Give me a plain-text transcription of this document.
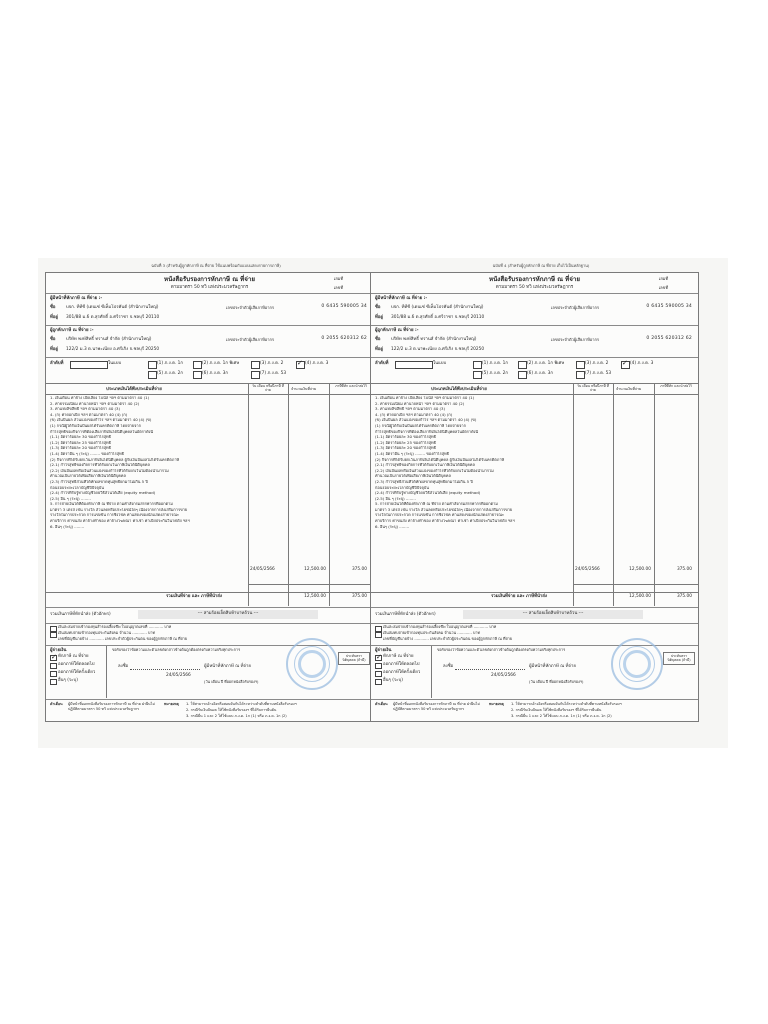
ฉบับที่ 3 (สำหรับผู้ถูกหักภาษี ณ ที่จ่าย ใช้แนบพร้อมกับแบบแสดงรายการภาษี)
หนังสือรับรองการหักภาษี ณ ที่จ่าย
ตามมาตรา 50 ทวิ แห่งประมวลรัษฎากร
เล่มที่
เลขที่
ผู้มีหน้าที่หักภาษี ณ ที่จ่าย :-
ชื่อ บจก. ทีทีซี (เดนเซ่ ซีเท็มโปรคันต์ (สำนักงานใหญ่)
ที่อยู่ 301/88 ม.6 ต.สุรศักดิ์ อ.ศรีราชา จ.ชลบุรี 20110
เลขประจำตัวผู้เสียภาษีอากร	0 6435 590005 34
ผู้ถูกหักภาษี ณ ที่จ่าย :-
ชื่อ บริษัท พงษ์สิทธิ์ ทรานส์ จำกัด (สำนักงานใหญ่)
ที่อยู่ 122/2 ม.3 ต.นาพะเนียง อ.ศรีเกิง จ.ชลบุรี 20250
เลขประจำตัวผู้เสียภาษีอากร	0 2055 620312 62
ลำดับที่	ในแบบ	(1) ภ.ง.ด. 1ก	(2) ภ.ง.ด. 1ก พิเศษ	(3) ภ.ง.ด. 2 ✓	(4) ภ.ง.ด. 3
(5) ภ.ง.ด. 2ก	(6) ภ.ง.ด. 3ก	(7) ภ.ง.ด. 53
ประเภทเงินได้พึงประเมินที่จ่าย
วัน เดือน หรือปีภาษี ที่จ่าย	จำนวนเงินที่จ่าย
ภาษีที่หัก และนำส่งไว้
1. เงินเดือน ค่าจ้าง เบี้ยเลี้ยง โบนัส ฯลฯ ตามมาตรา 40 (1)
2. ค่าธรรมเนียม ค่านายหน้า ฯลฯ ตามมาตรา 40 (2)
3. ค่าแห่งลิขสิทธิ์ ฯลฯ ตามมาตรา 40 (3)
4. (ก) ค่าดอกเบี้ย ฯลฯ ตามมาตรา 40 (4) (ก)
(ข) เงินปันผล ส่วนแบ่งของกำไร ฯลฯ ตามมาตรา 40 (4) (ข)
(1) กรณีผู้ได้รับเงินปันผลได้รับเครดิตภาษี โดยจ่ายจาก
กำไรสุทธิของกิจการที่ต้องเสียภาษีเงินได้นิติบุคคลในอัตราดังนี้
(1.1) อัตราร้อยละ 30 ของกำไรสุทธิ
(1.2) อัตราร้อยละ 25 ของกำไรสุทธิ
(1.3) อัตราร้อยละ 20 ของกำไรสุทธิ
(1.4) อัตราอื่น ๆ (ระบุ) ........ ของกำไรสุทธิ
(2) กิจการที่ได้รับยกเว้นภาษีเงินได้นิติบุคคล ผู้รับเงินปันผลไม่ได้รับเครดิตภาษี
(2.1) กำไรสุทธิของกิจการที่ได้รับยกเว้นภาษีเงินได้นิติบุคคล
(2.2) เงินปันผลหรือเงินส่วนแบ่งของกำไรที่ได้รับยกเว้นไม่ต้องนำมารวม
คำนวณเป็นรายได้เพื่อเสียภาษีเงินได้นิติบุคคล
(2.3) กำไรสุทธิส่วนที่ได้หักผลขาดทุนสุทธิยกมาไม่เกิน 5 ปี
ก่อนรอบระยะเวลาบัญชีปีปัจจุบัน
(2.4) กำไรที่รับรู้ทางบัญชีโดยวิธีส่วนได้เสีย (equity method)
(2.5) อื่น ๆ (ระบุ) ........
5. การจ่ายเงินได้ที่ต้องหักภาษี ณ ที่จ่าย ตามคำสั่งกรมสรรพากรที่ออกตาม
มาตรา 3 เตรส เช่น รางวัล ส่วนลดหรือประโยชน์ใดๆ เนื่องจากการส่งเสริมการขาย
รางวัลในการประกวด การแข่งขัน การชิงโชค ค่าแสดงของนักแสดงสาธารณะ
ค่าบริการ ค่าขนส่ง ค่าจ้างทำของ ค่าจ้างโฆษณา ค่าเช่า ค่าเบี้ยประกันวินาศภัย ฯลฯ
6. อื่นๆ (ระบุ) ........
24/05/2566	12,500.00	375.00
รวมเงินที่จ่าย และ ภาษีที่นำส่ง	12,500.00	375.00
รวมเงินภาษีที่หักนำส่ง (ตัวอักษร)	--- สามร้อยเจ็ดสิบห้าบาทถ้วน ---
เงินสะสมจ่ายเข้ากองทุนสำรองเลี้ยงชีพ ใบอนุญาตเลขที่ ............ บาท
เงินสมทบจ่ายเข้ากองทุนประกันสังคม จำนวน ............ บาท
เลขที่บัญชีนายจ้าง ............ เลขประจำตัวผู้ประกันตน ของผู้ถูกหักภาษี ณ ที่จ่าย
ผู้จ่ายเงิน
✓
หักภาษี ณ ที่จ่าย
ออกภาษีให้ตลอดไป
ออกภาษีให้ครั้งเดียว
อื่นๆ (ระบุ)
ขอรับรองว่าข้อความและตัวเลขดังกล่าวข้างต้นถูกต้องตรงกับความจริงทุกประการ
ลงชื่อ	ผู้มีหน้าที่หักภาษี ณ ที่จ่าย
24/05/2566
(วัน เดือน ปี ที่ออกหนังสือรับรองฯ)
ประทับตรา นิติบุคคล (ถ้ามี)
คำเตือน ผู้มีหน้าที่ออกหนังสือรับรองการหักภาษี ณ ที่จ่าย ฝ่าฝืนไม่ปฏิบัติตามมาตรา 50 ทวิ แห่งประมวลรัษฎากร
หมายเหตุ 1. ให้สามารถอ้างอิงหรือสอบยันกันได้ระหว่างลำดับที่ตามหนังสือรับรองฯ
2. กรณีรับเงินปันผล ให้ใช้หนังสือรับรองฯ ที่ได้รับการยืนยัน
3. กรณียื่น 1 และ 2 ให้ใช้แบบ ภ.ง.ด. 1ก (1) หรือ ภ.ง.ด. 1ก (2)
ฉบับที่ 4 (สำหรับผู้ถูกหักภาษี ณ ที่จ่าย เก็บไว้เป็นหลักฐาน)
หนังสือรับรองการหักภาษี ณ ที่จ่าย
ตามมาตรา 50 ทวิ แห่งประมวลรัษฎากร
เล่มที่
เลขที่
ผู้มีหน้าที่หักภาษี ณ ที่จ่าย :-
ชื่อ บจก. ทีทีซี (เดนเซ่ ซีเท็มโปรคันต์ (สำนักงานใหญ่)
ที่อยู่ 301/88 ม.6 ต.สุรศักดิ์ อ.ศรีราชา จ.ชลบุรี 20110
เลขประจำตัวผู้เสียภาษีอากร	0 6435 590005 34
ผู้ถูกหักภาษี ณ ที่จ่าย :-
ชื่อ บริษัท พงษ์สิทธิ์ ทรานส์ จำกัด (สำนักงานใหญ่)
ที่อยู่ 122/2 ม.3 ต.นาพะเนียง อ.ศรีเกิง จ.ชลบุรี 20250
เลขประจำตัวผู้เสียภาษีอากร	0 2055 620312 62
ลำดับที่	ในแบบ	(1) ภ.ง.ด. 1ก	(2) ภ.ง.ด. 1ก พิเศษ	(3) ภ.ง.ด. 2 ✓	(4) ภ.ง.ด. 3
(5) ภ.ง.ด. 2ก	(6) ภ.ง.ด. 3ก	(7) ภ.ง.ด. 53
ประเภทเงินได้พึงประเมินที่จ่าย
วัน เดือน หรือปีภาษี ที่จ่าย	จำนวนเงินที่จ่าย
ภาษีที่หัก และนำส่งไว้
1. เงินเดือน ค่าจ้าง เบี้ยเลี้ยง โบนัส ฯลฯ ตามมาตรา 40 (1)
2. ค่าธรรมเนียม ค่านายหน้า ฯลฯ ตามมาตรา 40 (2)
3. ค่าแห่งลิขสิทธิ์ ฯลฯ ตามมาตรา 40 (3)
4. (ก) ค่าดอกเบี้ย ฯลฯ ตามมาตรา 40 (4) (ก)
(ข) เงินปันผล ส่วนแบ่งของกำไร ฯลฯ ตามมาตรา 40 (4) (ข)
(1) กรณีผู้ได้รับเงินปันผลได้รับเครดิตภาษี โดยจ่ายจาก
กำไรสุทธิของกิจการที่ต้องเสียภาษีเงินได้นิติบุคคลในอัตราดังนี้
(1.1) อัตราร้อยละ 30 ของกำไรสุทธิ
(1.2) อัตราร้อยละ 25 ของกำไรสุทธิ
(1.3) อัตราร้อยละ 20 ของกำไรสุทธิ
(1.4) อัตราอื่น ๆ (ระบุ) ........ ของกำไรสุทธิ
(2) กิจการที่ได้รับยกเว้นภาษีเงินได้นิติบุคคล ผู้รับเงินปันผลไม่ได้รับเครดิตภาษี
(2.1) กำไรสุทธิของกิจการที่ได้รับยกเว้นภาษีเงินได้นิติบุคคล
(2.2) เงินปันผลหรือเงินส่วนแบ่งของกำไรที่ได้รับยกเว้นไม่ต้องนำมารวม
คำนวณเป็นรายได้เพื่อเสียภาษีเงินได้นิติบุคคล
(2.3) กำไรสุทธิส่วนที่ได้หักผลขาดทุนสุทธิยกมาไม่เกิน 5 ปี
ก่อนรอบระยะเวลาบัญชีปีปัจจุบัน
(2.4) กำไรที่รับรู้ทางบัญชีโดยวิธีส่วนได้เสีย (equity method)
(2.5) อื่น ๆ (ระบุ) ........
5. การจ่ายเงินได้ที่ต้องหักภาษี ณ ที่จ่าย ตามคำสั่งกรมสรรพากรที่ออกตาม
มาตรา 3 เตรส เช่น รางวัล ส่วนลดหรือประโยชน์ใดๆ เนื่องจากการส่งเสริมการขาย
รางวัลในการประกวด การแข่งขัน การชิงโชค ค่าแสดงของนักแสดงสาธารณะ
ค่าบริการ ค่าขนส่ง ค่าจ้างทำของ ค่าจ้างโฆษณา ค่าเช่า ค่าเบี้ยประกันวินาศภัย ฯลฯ
6. อื่นๆ (ระบุ) ........
24/05/2566	12,500.00	375.00
รวมเงินที่จ่าย และ ภาษีที่นำส่ง	12,500.00	375.00
รวมเงินภาษีที่หักนำส่ง (ตัวอักษร)	--- สามร้อยเจ็ดสิบห้าบาทถ้วน ---
เงินสะสมจ่ายเข้ากองทุนสำรองเลี้ยงชีพ ใบอนุญาตเลขที่ ............ บาท
เงินสมทบจ่ายเข้ากองทุนประกันสังคม จำนวน ............ บาท
เลขที่บัญชีนายจ้าง ............ เลขประจำตัวผู้ประกันตน ของผู้ถูกหักภาษี ณ ที่จ่าย
ผู้จ่ายเงิน
✓
หักภาษี ณ ที่จ่าย
ออกภาษีให้ตลอดไป
ออกภาษีให้ครั้งเดียว
อื่นๆ (ระบุ)
ขอรับรองว่าข้อความและตัวเลขดังกล่าวข้างต้นถูกต้องตรงกับความจริงทุกประการ
ลงชื่อ	ผู้มีหน้าที่หักภาษี ณ ที่จ่าย
24/05/2566
(วัน เดือน ปี ที่ออกหนังสือรับรองฯ)
ประทับตรา นิติบุคคล (ถ้ามี)
คำเตือน ผู้มีหน้าที่ออกหนังสือรับรองการหักภาษี ณ ที่จ่าย ฝ่าฝืนไม่ปฏิบัติตามมาตรา 50 ทวิ แห่งประมวลรัษฎากร
หมายเหตุ 1. ให้สามารถอ้างอิงหรือสอบยันกันได้ระหว่างลำดับที่ตามหนังสือรับรองฯ
2. กรณีรับเงินปันผล ให้ใช้หนังสือรับรองฯ ที่ได้รับการยืนยัน
3. กรณียื่น 1 และ 2 ให้ใช้แบบ ภ.ง.ด. 1ก (1) หรือ ภ.ง.ด. 1ก (2)
